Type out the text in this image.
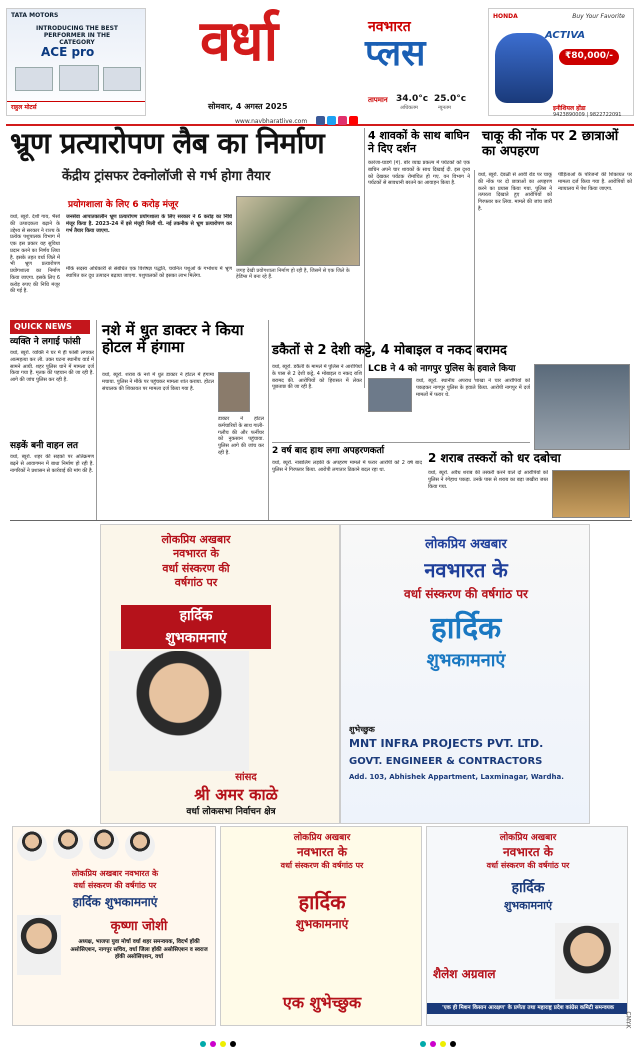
TATA MOTORS
INTRODUCING THE BEST PERFORMER IN THE CATEGORY
ACE pro
राहुल मोटर्स
वर्धा	नवभारत
प्लस
सोमवार, 4 अगस्त 2025
तापमान 34.0°c 25.0°c
अधिकतम	न्यूनतम
HONDA	Buy Your Favorite
ACTIVA
₹80,000/-
इनीशियल होंडा
9423890009 | 9822722091
www.navbharatlive.com
भ्रूण प्रत्यारोपण लैब का निर्माण
केंद्रीय ट्रांसफर टेक्नोलॉजी से गर्भ होगा तैयार
प्रयोगशाला के लिए 6 करोड़ मंजूर
वर्धा, ब्यूरो. देशी गाय, भैंसों की उत्पादकता बढ़ाने के उद्देश्य से सरकार ने राज्य के प्रत्येक पशुपालक विभाग में एक इस प्रकार यह सुविधा प्रदान करने का निर्णय लिया है. इसके तहत वर्धा जिले में भी भ्रूण प्रत्यारोपण प्रयोगशाला का निर्माण किया जाएगा. इसके लिए 6 करोड़ रुपए की निधि मंजूर की गई है.
जनसेवा आपातकालीन भ्रूण प्रत्यारोपण प्रयोगशाला के लिए सरकार ने 6 करोड़ का निधि मंजूर किया है. 2023-24 में इसे मंजूरी मिली थी. नई तकनीक से भ्रूण प्रत्यारोपण कर गर्भ तैयार किया जाएगा.
जगह देखी प्रयोगशाला निर्माण हो रही है, जिसमें से एक जिले के हेडिंग्स में बना रहे हैं.
मौके सदस्य अधिकारी से संबंधित एक विशेषज्ञ पद्धति, चयनित पशुओं के गर्भाशय में भ्रूण स्थापित कर दूध उत्पादन बढ़ाया जाएगा. पशुपालकों को इसका लाभ मिलेगा.
4 शावकों के साथ बाघिन ने दिए दर्शन
कारंजा-घाडगे (गं). बोर व्याघ्र प्रकल्प में पर्यटकों को एक बाघिन अपने चार शावकों के साथ दिखाई दी. इस दृश्य को देखकर पर्यटक रोमांचित हो गए. वन विभाग ने पर्यटकों से सावधानी बरतने का आवाहन किया है.
चाकू की नोंक पर 2 छात्राओं का अपहरण
वर्धा, ब्यूरो. देवळी से आर्वी रोड पर चाकू की नोंक पर दो छात्राओं का अपहरण करने का प्रयास किया गया. पुलिस ने तत्परता दिखाते हुए आरोपियों को गिरफ्तार कर लिया. मामले की जांच जारी है.
पीड़िताओं के परिजनों की शिकायत पर मामला दर्ज किया गया है. आरोपियों को न्यायालय में पेश किया जाएगा.
QUICK NEWS
व्यक्ति ने लगाई फांसी
वर्धा, ब्यूरो. व्यक्ति ने घर में ही फांसी लगाकर आत्महत्या कर ली. उक्त घटना स्थानीय वार्ड में सामने आयी. शहर पुलिस थाने में मामला दर्ज किया गया है. मृतक की पहचान की जा रही है. आगे की जांच पुलिस कर रही है.
सड़कें बनी वाहन लत
वर्धा, ब्यूरो. शहर की सड़कों पर अतिक्रमण बढ़ने से आवागमन में बाधा निर्माण हो रही है. नागरिकों ने प्रशासन से कार्रवाई की मांग की है.
नशे में धुत डाक्टर ने किया होटल में हंगामा
वर्धा, ब्यूरो. शराब के नशे में धुत डाक्टर ने होटल में हंगामा मचाया. पुलिस ने मौके पर पहुंचकर मामला शांत कराया. होटल संचालक की शिकायत पर मामला दर्ज किया गया है.
डाक्टर ने होटल कर्मचारियों के साथ गाली-गलौच की और फर्नीचर को नुकसान पहुंचाया. पुलिस आगे की जांच कर रही है.
डकैतों से 2 देशी कट्टे, 4 मोबाइल व नकद बरामद
वर्धा, ब्यूरो. डकैती के मामले में पुलिस ने आरोपियों के पास से 2 देशी कट्टे, 4 मोबाइल व नकद राशि बरामद की. आरोपियों को हिरासत में लेकर पूछताछ की जा रही है.
LCB ने 4 को नागपुर पुलिस के हवाले किया
वर्धा, ब्यूरो. स्थानीय अपराध शाखा ने चार आरोपियों को पकड़कर नागपुर पुलिस के हवाले किया. आरोपी नागपुर में दर्ज मामलों में फरार थे.
2 वर्ष बाद हाथ लगा अपहरणकर्ता
वर्धा, ब्यूरो. नाबालिग लड़की के अपहरण मामले में फरार आरोपी को 2 वर्ष बाद पुलिस ने गिरफ्तार किया. आरोपी लगातार ठिकाने बदल रहा था.
2 शराब तस्करों को धर दबोचा
वर्धा, ब्यूरो. अवैध शराब की तस्करी करने वाले दो आरोपियों को पुलिस ने रंगेहाथ पकड़ा. उनके पास से शराब का बड़ा जखीरा जब्त किया गया.
लोकप्रिय अखबार
नवभारत के
वर्धा संस्करण की
वर्षगांठ पर
हार्दिक
शुभकामनाएं
सांसद
श्री अमर काळे
वर्धा लोकसभा निर्वाचन क्षेत्र
लोकप्रिय अखबार
नवभारत के
वर्धा संस्करण की वर्षगांठ पर
हार्दिक
शुभकामनाएं
शुभेच्छुक
MNT INFRA PROJECTS PVT. LTD.
GOVT. ENGINEER & CONTRACTORS
Add. 103, Abhishek Appartment, Laxminagar, Wardha.
लोकप्रिय अखबार नवभारत के
वर्धा संस्करण की वर्षगांठ पर
हार्दिक शुभकामनाएं
कृष्णा जोशी
अध्यक्ष, भाजपा युवा मोर्चा वर्धा शहर समन्वयक, विदर्भ हॉकी असोसिएशन, नागपुर सचिव, वर्धा जिला हॉकी असोसिएशन व स्वराज हॉकी असोसिएशन, वर्धा
लोकप्रिय अखबार
नवभारत के
वर्धा संस्करण की वर्षगांठ पर
हार्दिक
शुभकामनाएं
एक शुभेच्छुक
लोकप्रिय अखबार
नवभारत के
वर्धा संस्करण की वर्षगांठ पर
हार्दिक
शुभकामनाएं
शैलेश अग्रवाल
'एक ही मिशन किसान आरक्षण' के प्रणेता तथा महाराष्ट्र प्रदेश कांग्रेस कमिटी समन्वयक
CMYK
